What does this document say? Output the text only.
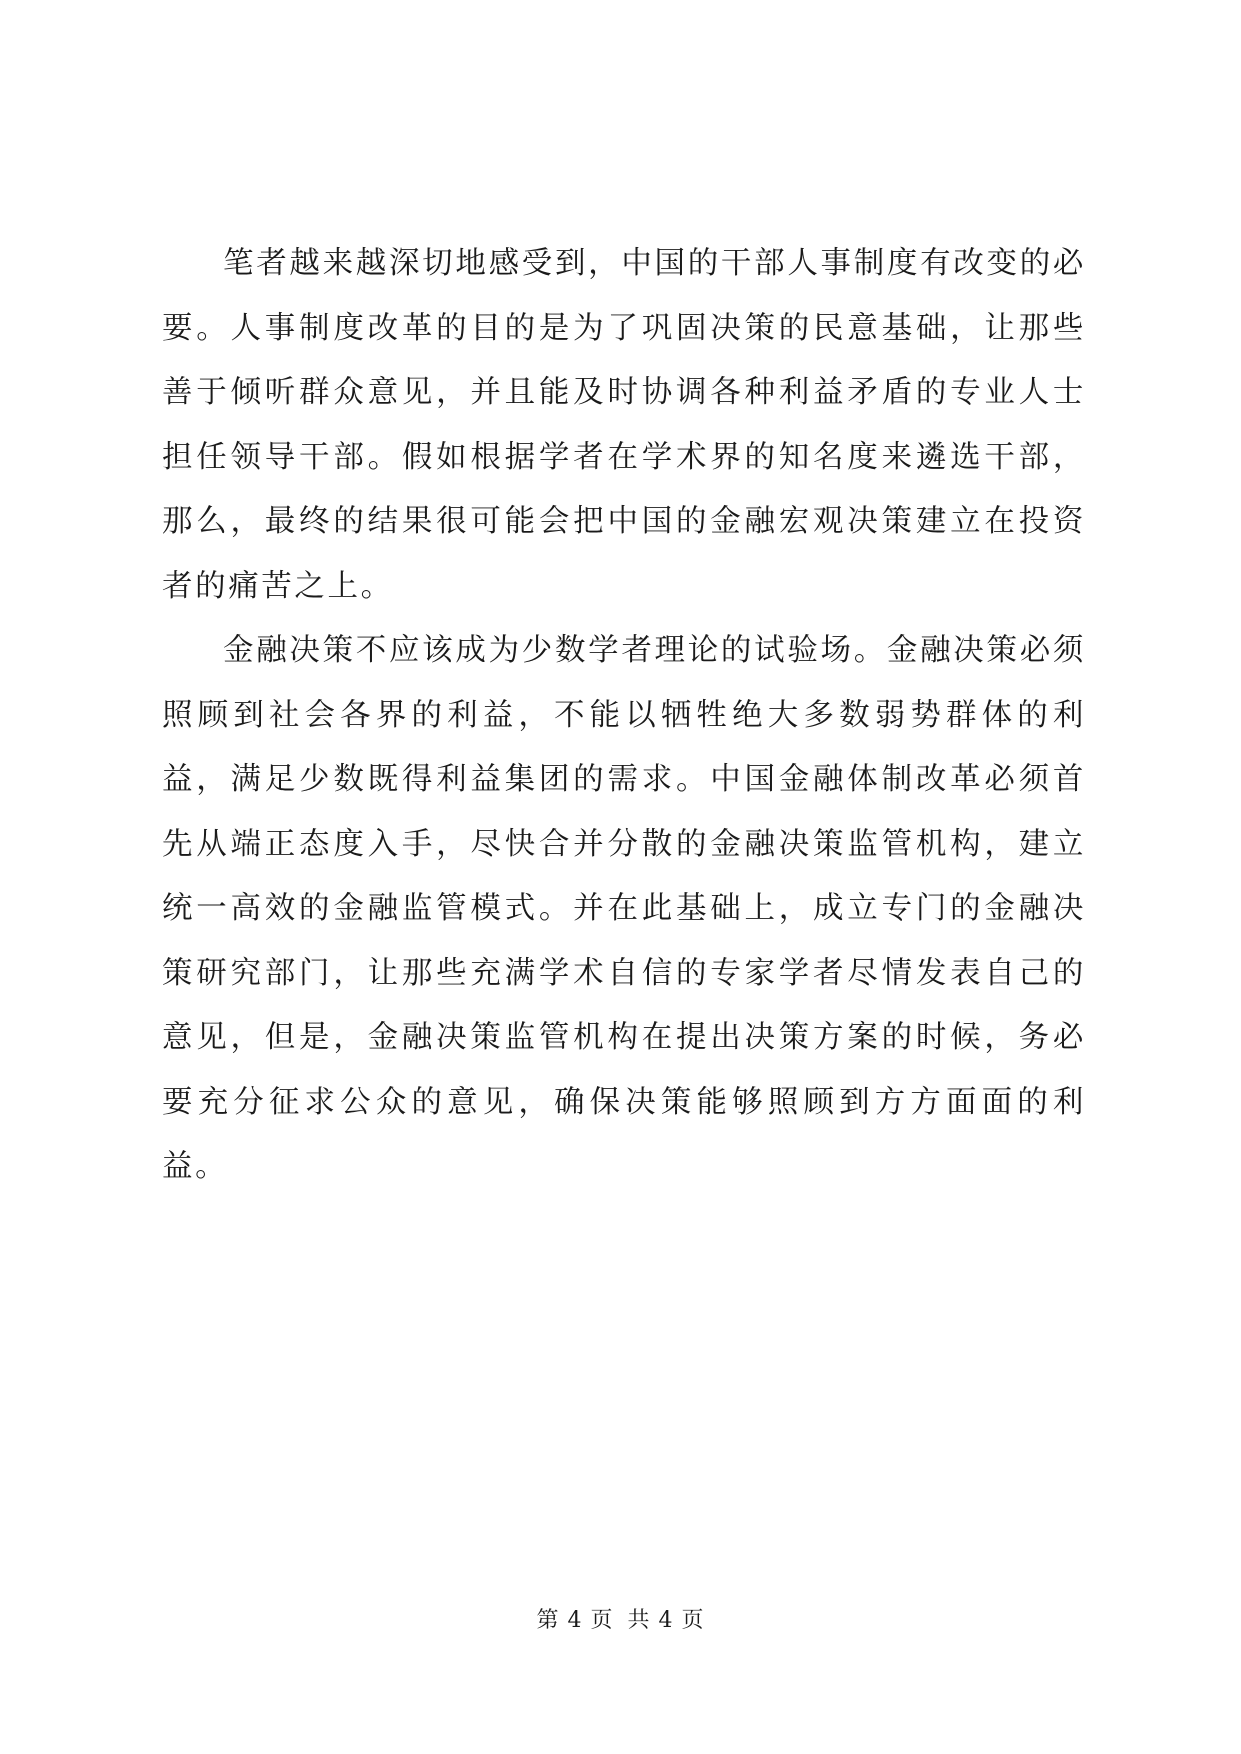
笔者越来越深切地感受到，中国的干部人事制度有改变的必要。人事制度改革的目的是为了巩固决策的民意基础，让那些善于倾听群众意见，并且能及时协调各种利益矛盾的专业人士担任领导干部。假如根据学者在学术界的知名度来遴选干部，那么，最终的结果很可能会把中国的金融宏观决策建立在投资者的痛苦之上。

金融决策不应该成为少数学者理论的试验场。金融决策必须照顾到社会各界的利益，不能以牺牲绝大多数弱势群体的利益，满足少数既得利益集团的需求。中国金融体制改革必须首先从端正态度入手，尽快合并分散的金融决策监管机构，建立统一高效的金融监管模式。并在此基础上，成立专门的金融决策研究部门，让那些充满学术自信的专家学者尽情发表自己的意见，但是，金融决策监管机构在提出决策方案的时候，务必要充分征求公众的意见，确保决策能够照顾到方方面面的利益。

第 4 页 共 4 页
